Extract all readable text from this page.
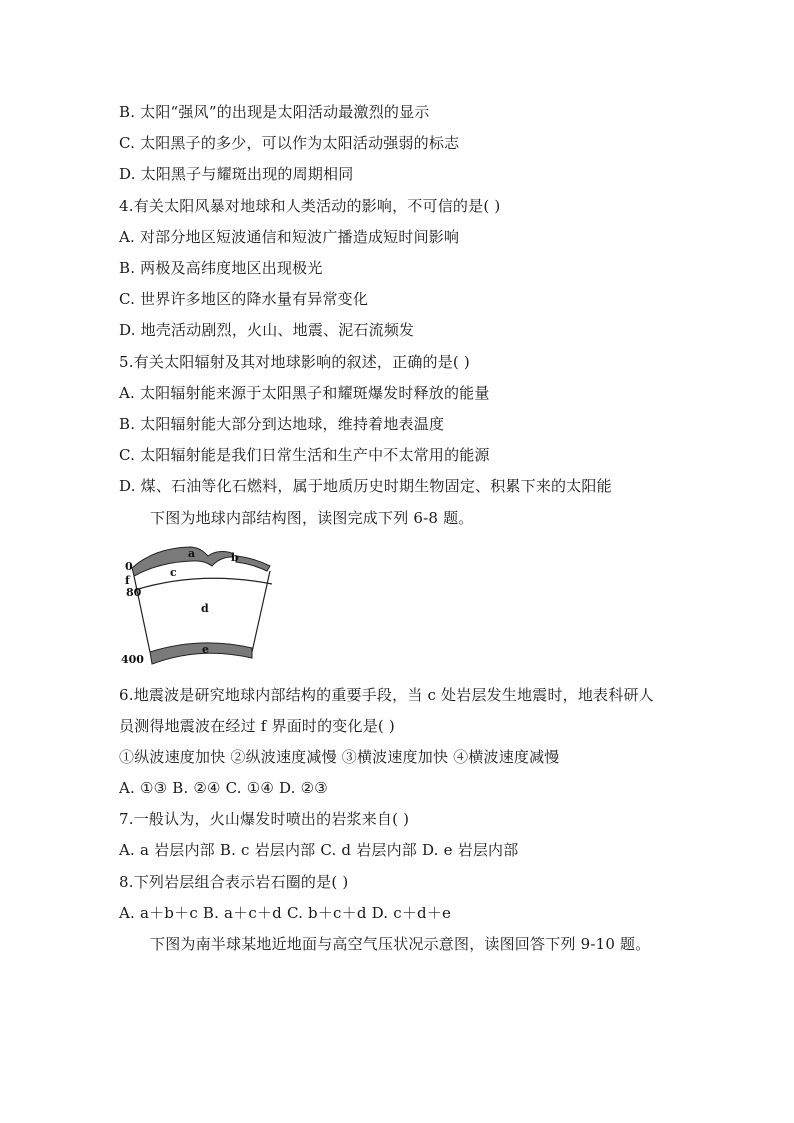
B. 太阳“强风”的出现是太阳活动最激烈的显示
C. 太阳黑子的多少，可以作为太阳活动强弱的标志
D. 太阳黑子与耀斑出现的周期相同
4.有关太阳风暴对地球和人类活动的影响，不可信的是( )
A. 对部分地区短波通信和短波广播造成短时间影响
B. 两极及高纬度地区出现极光
C. 世界许多地区的降水量有异常变化
D. 地壳活动剧烈，火山、地震、泥石流频发
5.有关太阳辐射及其对地球影响的叙述，正确的是( )
A. 太阳辐射能来源于太阳黑子和耀斑爆发时释放的能量
B. 太阳辐射能大部分到达地球，维持着地表温度
C. 太阳辐射能是我们日常生活和生产中不太常用的能源
D. 煤、石油等化石燃料，属于地质历史时期生物固定、积累下来的太阳能
下图为地球内部结构图，读图完成下列 6-8 题。
a	b
c
d
e
f
0
80
400
6.地震波是研究地球内部结构的重要手段，当 c 处岩层发生地震时，地表科研人
员测得地震波在经过 f 界面时的变化是( )
①纵波速度加快 ②纵波速度减慢 ③横波速度加快 ④横波速度减慢
A. ①③ B. ②④ C. ①④ D. ②③
7.一般认为，火山爆发时喷出的岩浆来自( )
A. a 岩层内部 B. c 岩层内部 C. d 岩层内部 D. e 岩层内部
8.下列岩层组合表示岩石圈的是( )
A. a＋b＋c B. a＋c＋d C. b＋c＋d D. c＋d＋e
下图为南半球某地近地面与高空气压状况示意图，读图回答下列 9-10 题。
